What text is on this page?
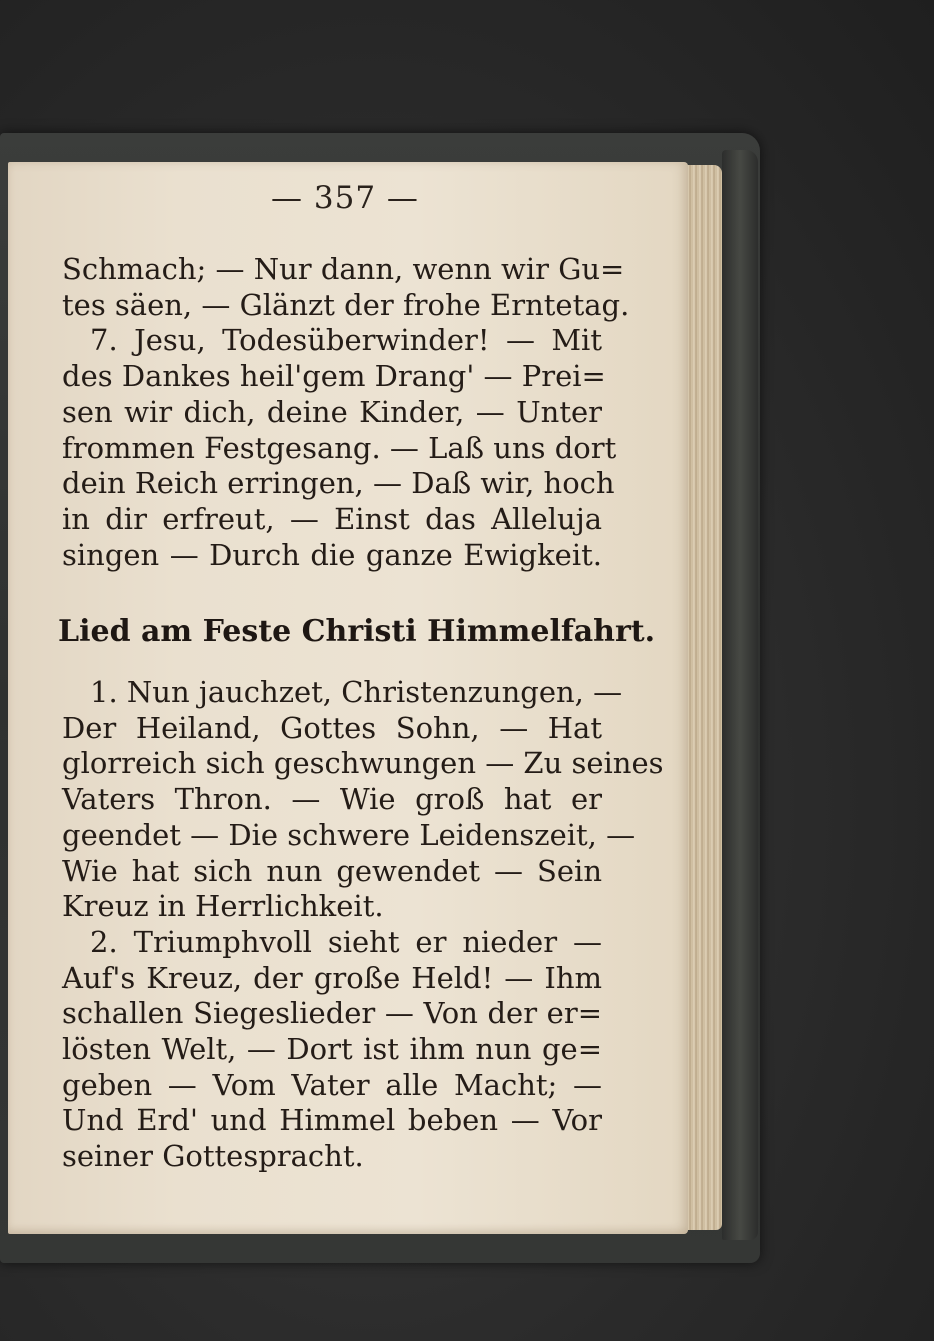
— 357 —
Schmach; — Nur dann, wenn wir Gu=
tes säen, — Glänzt der frohe Erntetag.
7. Jesu, Todesüberwinder! — Mit
des Dankes heil'gem Drang' — Prei=
sen wir dich, deine Kinder, — Unter
frommen Festgesang. — Laß uns dort
dein Reich erringen, — Daß wir, hoch
in dir erfreut, — Einst das Alleluja
singen — Durch die ganze Ewigkeit.
Lied am Feste Christi Himmelfahrt.
1. Nun jauchzet, Christenzungen, —
Der Heiland, Gottes Sohn, — Hat
glorreich sich geschwungen — Zu seines
Vaters Thron. — Wie groß hat er
geendet — Die schwere Leidenszeit, —
Wie hat sich nun gewendet — Sein
Kreuz in Herrlichkeit.
2. Triumphvoll sieht er nieder —
Auf's Kreuz, der große Held! — Ihm
schallen Siegeslieder — Von der er=
lösten Welt, — Dort ist ihm nun ge=
geben — Vom Vater alle Macht; —
Und Erd' und Himmel beben — Vor
seiner Gottespracht.
